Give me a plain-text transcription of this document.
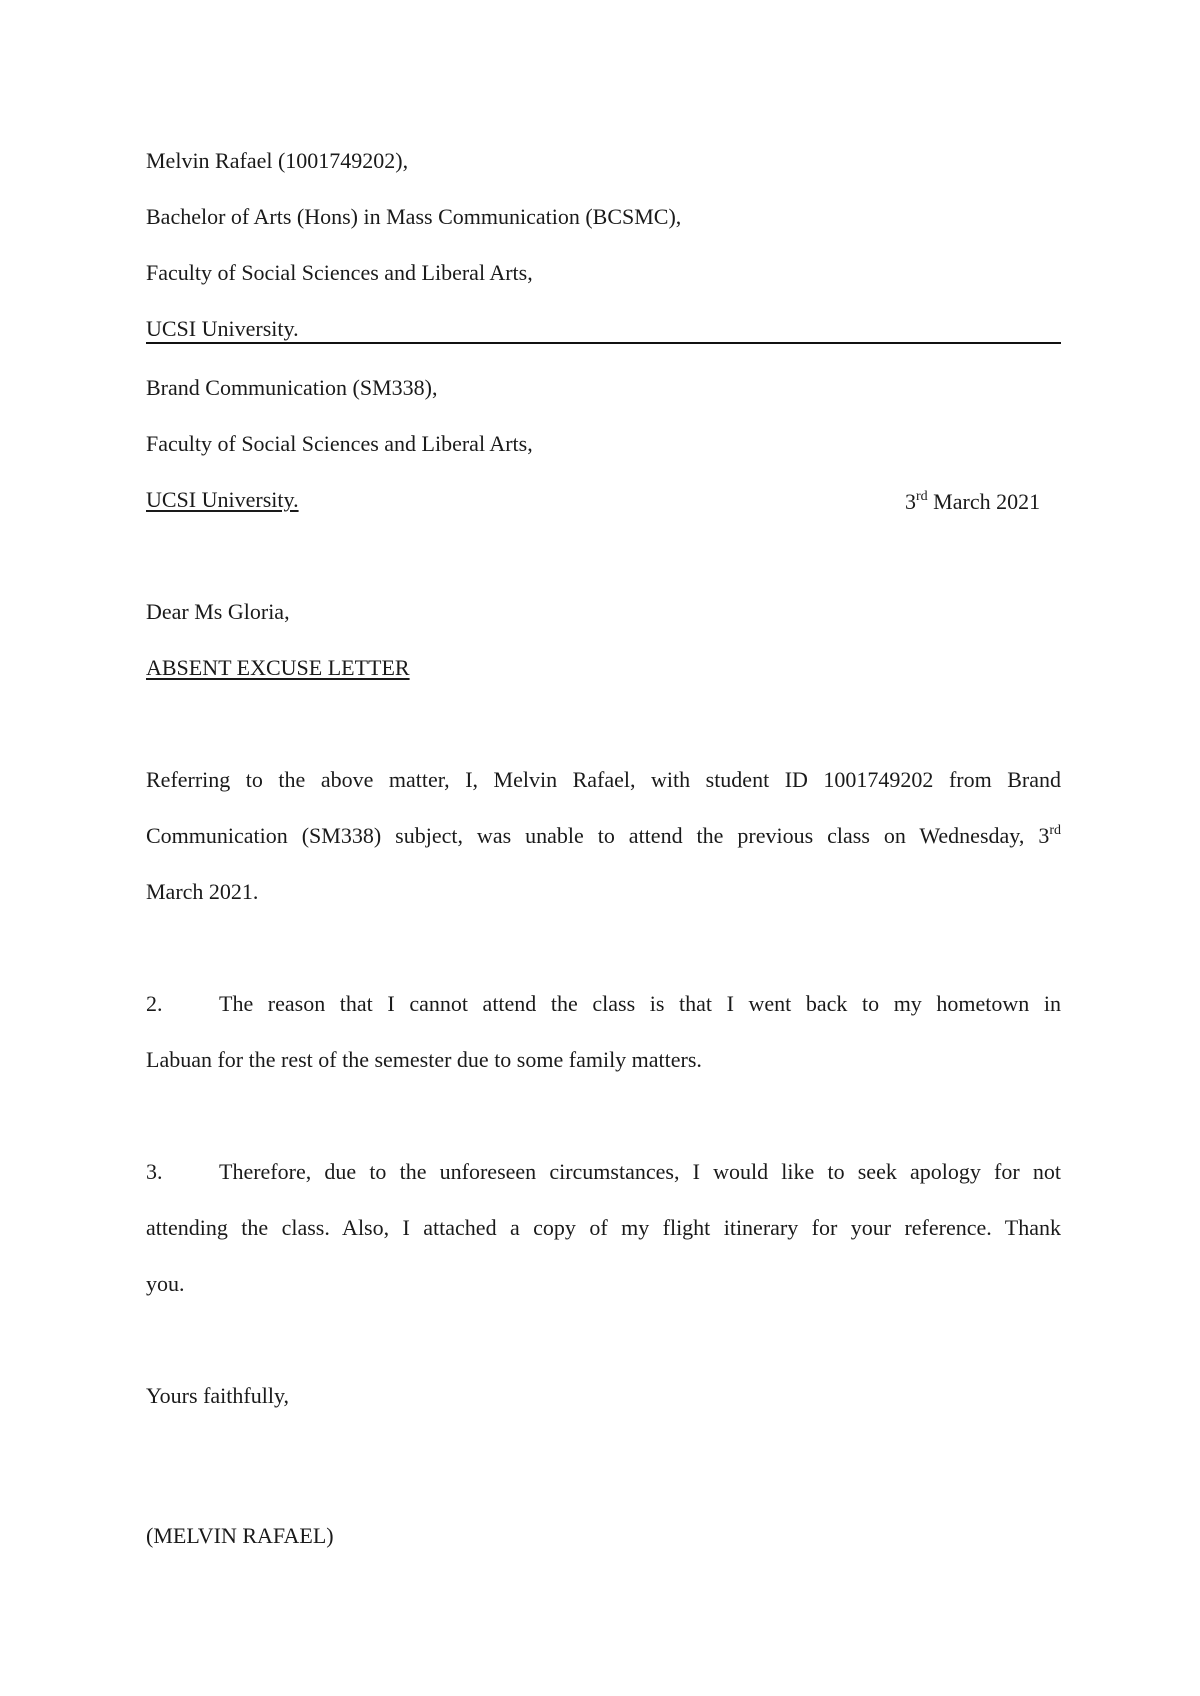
Melvin Rafael (1001749202),
Bachelor of Arts (Hons) in Mass Communication (BCSMC),
Faculty of Social Sciences and Liberal Arts,
UCSI University.
Brand Communication (SM338),
Faculty of Social Sciences and Liberal Arts,
UCSI University.	3rd March 2021
Dear Ms Gloria,
ABSENT EXCUSE LETTER
Referring to the above matter, I, Melvin Rafael, with student ID 1001749202 from Brand
Communication (SM338) subject, was unable to attend the previous class on Wednesday, 3rd
March 2021.
2.	The reason that I cannot attend the class is that I went back to my hometown in
Labuan for the rest of the semester due to some family matters.
3.	Therefore, due to the unforeseen circumstances, I would like to seek apology for not
attending the class. Also, I attached a copy of my flight itinerary for your reference. Thank
you.
Yours faithfully,
(MELVIN RAFAEL)
